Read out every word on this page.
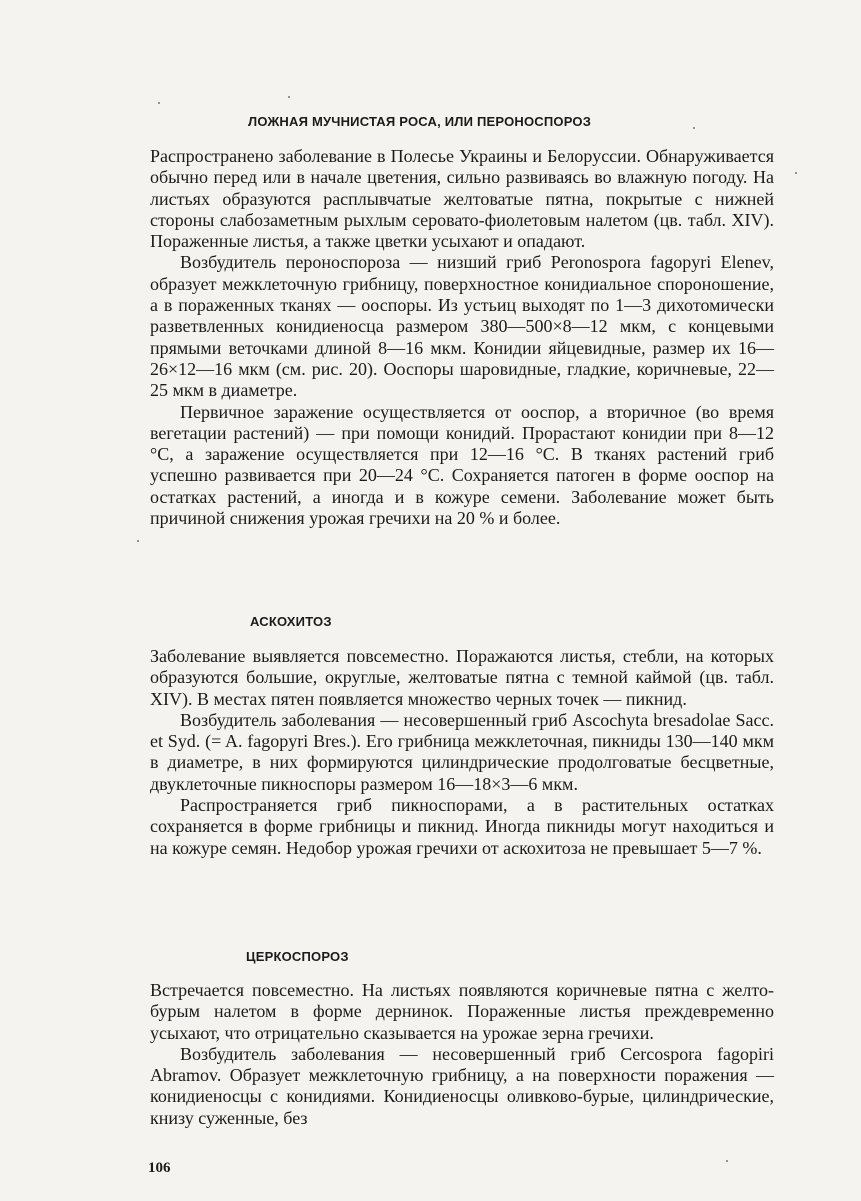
ЛОЖНАЯ МУЧНИСТАЯ РОСА, ИЛИ ПЕРОНОСПОРОЗ

Распространено заболевание в Полесье Украины и Белоруссии. Обнаруживается обычно перед или в начале цветения, сильно развиваясь во влажную погоду. На листьях образуются расплывчатые желтоватые пятна, покрытые с нижней стороны слабозаметным рыхлым серовато-фиолетовым налетом (цв. табл. XIV). Пораженные листья, а также цветки усыхают и опадают.

Возбудитель пероноспороза — низший гриб Peronospora fagopyri Elenev, образует межклеточную грибницу, поверхностное конидиальное спороношение, а в пораженных тканях — ооспоры. Из устьиц выходят по 1—3 дихотомически разветвленных конидиеносца размером 380—500×8—12 мкм, с концевыми прямыми веточками длиной 8—16 мкм. Конидии яйцевидные, размер их 16—26×12—16 мкм (см. рис. 20). Ооспоры шаровидные, гладкие, коричневые, 22—25 мкм в диаметре.

Первичное заражение осуществляется от ооспор, а вторичное (во время вегетации растений) — при помощи конидий. Прорастают конидии при 8—12 °С, а заражение осуществляется при 12—16 °С. В тканях растений гриб успешно развивается при 20—24 °С. Сохраняется патоген в форме ооспор на остатках растений, а иногда и в кожуре семени. Заболевание может быть причиной снижения урожая гречихи на 20 % и более.

АСКОХИТОЗ

Заболевание выявляется повсеместно. Поражаются листья, стебли, на которых образуются большие, округлые, желтоватые пятна с темной каймой (цв. табл. XIV). В местах пятен появляется множество черных точек — пикнид.

Возбудитель заболевания — несовершенный гриб Ascochyta bresadolae Sacc. et Syd. (= A. fagopyri Bres.). Его грибница межклеточная, пикниды 130—140 мкм в диаметре, в них формируются цилиндрические продолговатые бесцветные, двуклеточные пикноспоры размером 16—18×3—6 мкм.

Распространяется гриб пикноспорами, а в растительных остатках сохраняется в форме грибницы и пикнид. Иногда пикниды могут находиться и на кожуре семян. Недобор урожая гречихи от аскохитоза не превышает 5—7 %.

ЦЕРКОСПОРОЗ

Встречается повсеместно. На листьях появляются коричневые пятна с желто-бурым налетом в форме дернинок. Пораженные листья преждевременно усыхают, что отрицательно сказывается на урожае зерна гречихи.

Возбудитель заболевания — несовершенный гриб Cercospora fagopiri Abramov. Образует межклеточную грибницу, а на поверхности поражения — конидиеносцы с конидиями. Конидиеносцы оливково-бурые, цилиндрические, книзу суженные, без

106
